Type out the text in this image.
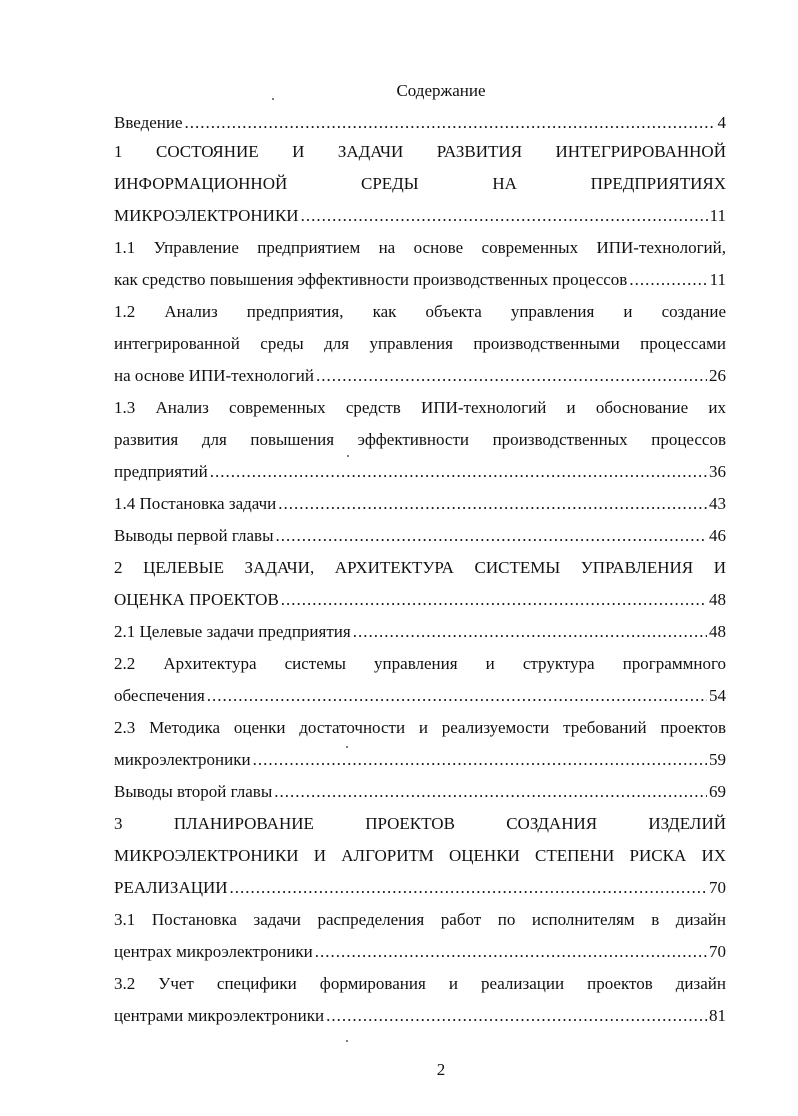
Содержание
Введение .....	4
1 СОСТОЯНИЕ И ЗАДАЧИ РАЗВИТИЯ ИНТЕГРИРОВАННОЙ
ИНФОРМАЦИОННОЙ СРЕДЫ НА ПРЕДПРИЯТИЯХ
МИКРОЭЛЕКТРОНИКИ .....	11
1.1 Управление предприятием на основе современных ИПИ-технологий,
как средство повышения эффективности производственных процессов .....	11
1.2 Анализ предприятия, как объекта управления и создание
интегрированной среды для управления производственными процессами
на основе ИПИ-технологий .....	26
1.3 Анализ современных средств ИПИ-технологий и обоснование их
развития для повышения эффективности производственных процессов
предприятий .....	36
1.4 Постановка задачи .....	43
Выводы первой главы .....	46
2 ЦЕЛЕВЫЕ ЗАДАЧИ, АРХИТЕКТУРА СИСТЕМЫ УПРАВЛЕНИЯ И
ОЦЕНКА ПРОЕКТОВ .....	48
2.1 Целевые задачи предприятия .....	48
2.2 Архитектура системы управления и структура программного
обеспечения .....	54
2.3 Методика оценки достаточности и реализуемости требований проектов
микроэлектроники .....	59
Выводы второй главы .....	69
3 ПЛАНИРОВАНИЕ ПРОЕКТОВ СОЗДАНИЯ ИЗДЕЛИЙ
МИКРОЭЛЕКТРОНИКИ И АЛГОРИТМ ОЦЕНКИ СТЕПЕНИ РИСКА ИХ
РЕАЛИЗАЦИИ .....	70
3.1 Постановка задачи распределения работ по исполнителям в дизайн
центрах микроэлектроники .....	70
3.2 Учет специфики формирования и реализации проектов дизайн
центрами микроэлектроники .....	81
2
